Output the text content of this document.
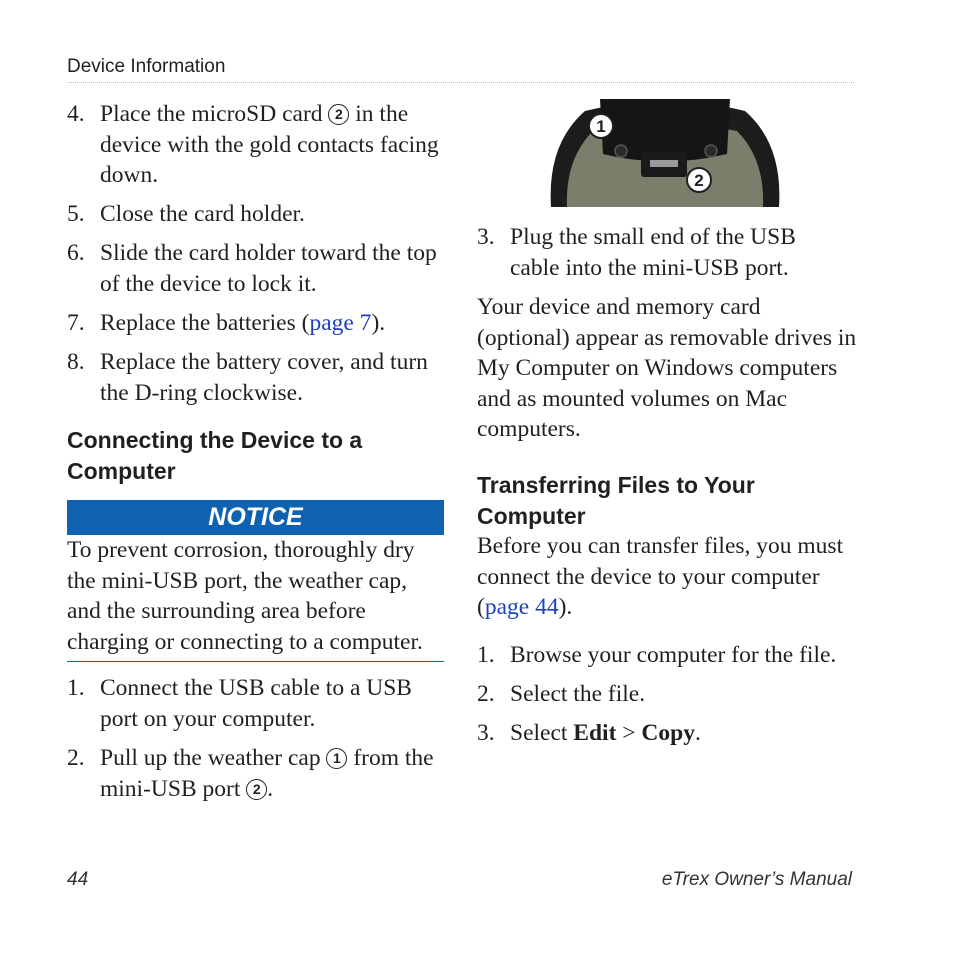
Device Information
4. Place the microSD card 2 in the device with the gold contacts facing down.
5. Close the card holder.
6. Slide the card holder toward the top of the device to lock it.
7. Replace the batteries (page 7).
8. Replace the battery cover, and turn the D-ring clockwise.
Connecting the Device to a Computer
NOTICE
To prevent corrosion, thoroughly dry the mini-USB port, the weather cap, and the surrounding area before charging or connecting to a computer.
1. Connect the USB cable to a USB port on your computer.
2. Pull up the weather cap 1 from the mini-USB port 2 .
1
2
3. Plug the small end of the USB cable into the mini-USB port.
Your device and memory card (optional) appear as removable drives in My Computer on Windows computers and as mounted volumes on Mac computers.
Transferring Files to Your Computer
Before you can transfer files, you must connect the device to your computer (page 44).
1. Browse your computer for the file.
2. Select the file.
3. Select Edit > Copy.
44	eTrex Owner’s Manual
